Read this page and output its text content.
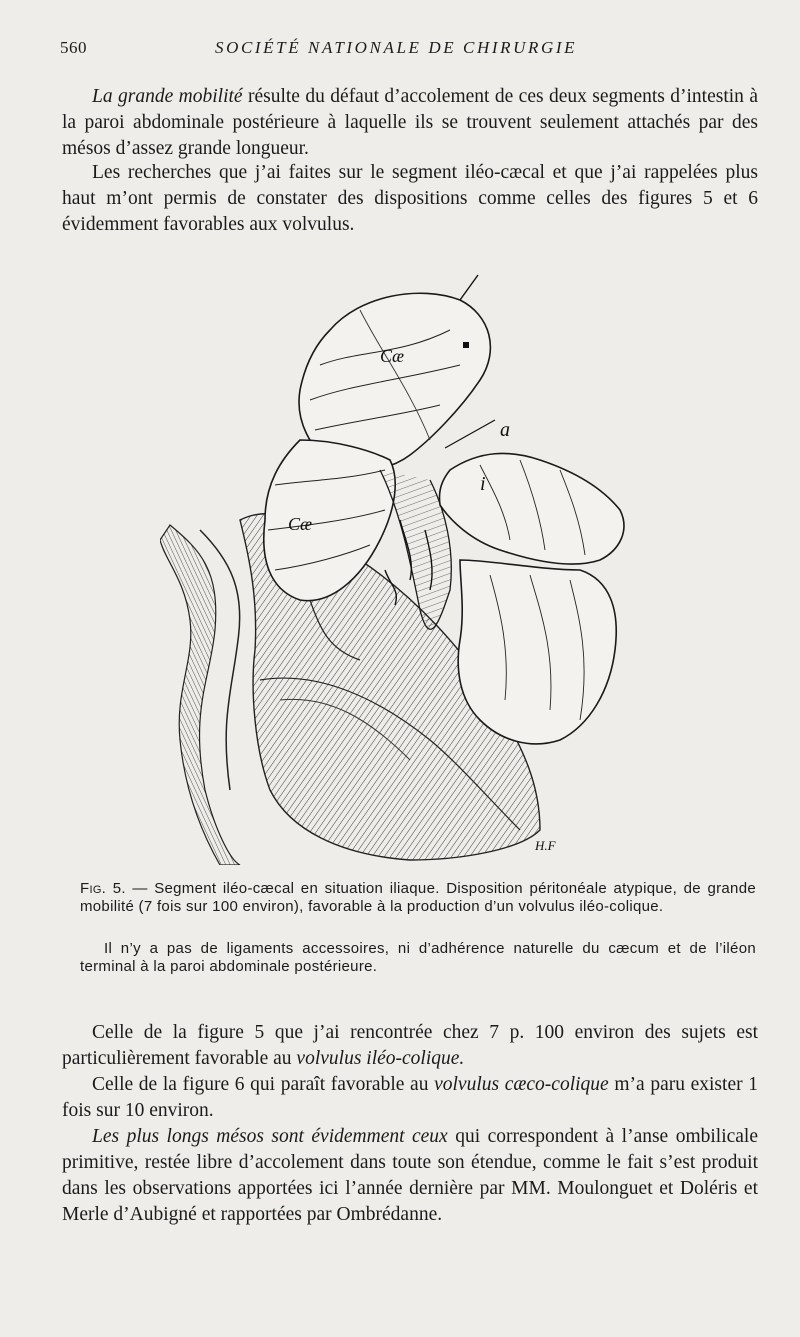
560	SOCIÉTÉ NATIONALE DE CHIRURGIE

La grande mobilité résulte du défaut d’accolement de ces deux segments d’intestin à la paroi abdominale postérieure à laquelle ils se trouvent seulement attachés par des mésos d’assez grande longueur.

Les recherches que j’ai faites sur le segment iléo-cæcal et que j’ai rappelées plus haut m’ont permis de constater des dispositions comme celles des figures 5 et 6 évidemment favorables aux volvulus.

Cæ
Cæ
a
i
H.F

Fig. 5. — Segment iléo-cæcal en situation iliaque. Disposition péritonéale atypique, de grande mobilité (7 fois sur 100 environ), favorable à la production d’un volvulus iléo-colique.

Il n’y a pas de ligaments accessoires, ni d’adhérence naturelle du cæcum et de l’iléon terminal à la paroi abdominale postérieure.

Celle de la figure 5 que j’ai rencontrée chez 7 p. 100 environ des sujets est particulièrement favorable au volvulus iléo-colique.

Celle de la figure 6 qui paraît favorable au volvulus cæco-colique m’a paru exister 1 fois sur 10 environ.

Les plus longs mésos sont évidemment ceux qui correspondent à l’anse ombilicale primitive, restée libre d’accolement dans toute son étendue, comme le fait s’est produit dans les observations apportées ici l’année dernière par MM. Moulonguet et Doléris et Merle d’Aubigné et rapportées par Ombrédanne.
